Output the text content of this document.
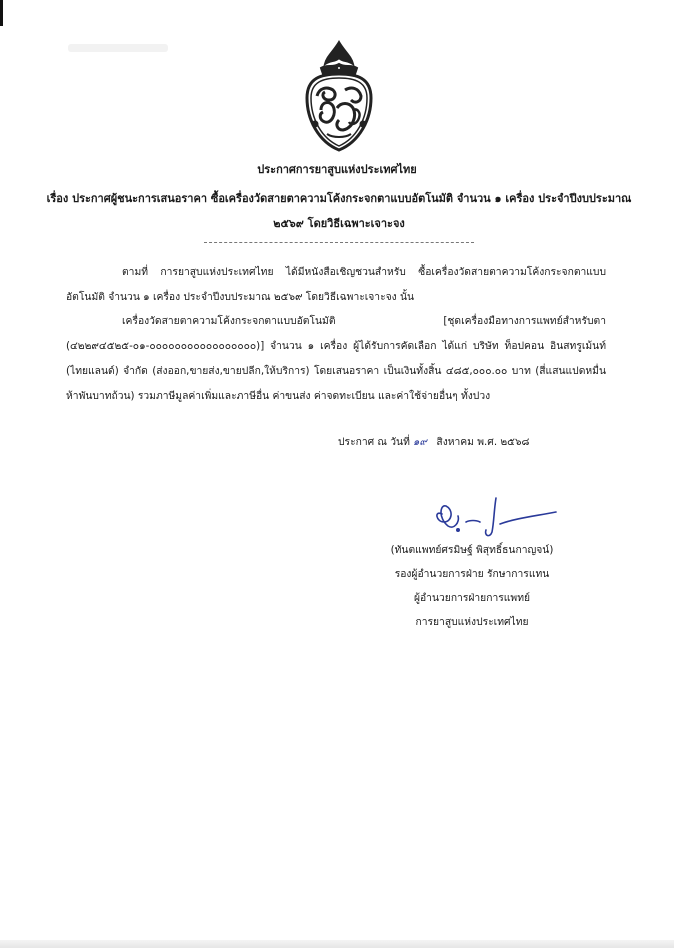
ประกาศการยาสูบแห่งประเทศไทย
เรื่อง ประกาศผู้ชนะการเสนอราคา ซื้อเครื่องวัดสายตาความโค้งกระจกตาแบบอัตโนมัติ จำนวน ๑ เครื่อง ประจำปีงบประมาณ ๒๕๖๙ โดยวิธีเฉพาะเจาะจง

ตามที่ การยาสูบแห่งประเทศไทย ได้มีหนังสือเชิญชวนสำหรับ ซื้อเครื่องวัดสายตาความโค้งกระจกตาแบบอัตโนมัติ จำนวน ๑ เครื่อง ประจำปีงบประมาณ ๒๕๖๙ โดยวิธีเฉพาะเจาะจง นั้น

เครื่องวัดสายตาความโค้งกระจกตาแบบอัตโนมัติ [ชุดเครื่องมือทางการแพทย์สำหรับตา (๔๒๒๙๔๕๒๕-๐๑-๐๐๐๐๐๐๐๐๐๐๐๐๐๐๐๐๐)] จำนวน ๑ เครื่อง ผู้ได้รับการคัดเลือก ได้แก่ บริษัท ท็อปคอน อินสทรูเม้นท์ (ไทยแลนด์) จำกัด (ส่งออก,ขายส่ง,ขายปลีก,ให้บริการ) โดยเสนอราคา เป็นเงินทั้งสิ้น ๔๘๕,๐๐๐.๐๐ บาท (สี่แสนแปดหมื่นห้าพันบาทถ้วน) รวมภาษีมูลค่าเพิ่มและภาษีอื่น ค่าขนส่ง ค่าจดทะเบียน และค่าใช้จ่ายอื่นๆ ทั้งปวง

ประกาศ ณ วันที่ ๑๙ สิงหาคม พ.ศ. ๒๕๖๘

(ทันตแพทย์ศรมิษฐ์ พิสุทธิ์ธนกาญจน์)

รองผู้อำนวยการฝ่าย รักษาการแทน

ผู้อำนวยการฝ่ายการแพทย์

การยาสูบแห่งประเทศไทย
